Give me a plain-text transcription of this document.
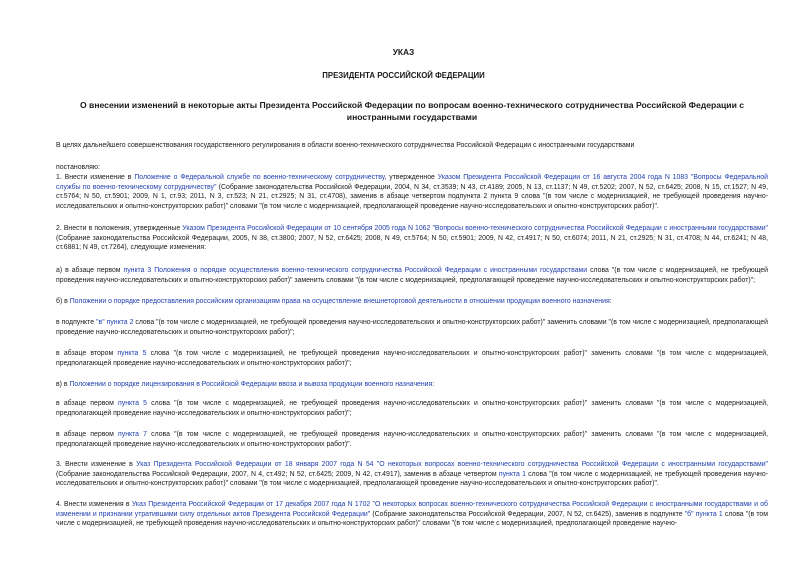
УКАЗ
ПРЕЗИДЕНТА РОССИЙСКОЙ ФЕДЕРАЦИИ
О внесении изменений в некоторые акты Президента Российской Федерации по вопросам военно-технического сотрудничества Российской Федерации с
иностранными государствами

В целях дальнейшего совершенствования государственного регулирования в области военно-технического сотрудничества Российской Федерации с иностранными государствами

постановляю:

1. Внести изменение в Положение о Федеральной службе по военно-техническому сотрудничеству, утвержденное Указом Президента Российской Федерации от 16 августа 2004 года N 1083 "Вопросы Федеральной службы по военно-техническому сотрудничеству" (Собрание законодательства Российской Федерации, 2004, N 34, ст.3539; N 43, ст.4189; 2005, N 13, ст.1137; N 49, ст.5202; 2007, N 52, ст.6425; 2008, N 15, ст.1527; N 49, ст.5764; N 50, ст.5901; 2009, N 1, ст.93; 2011, N 3, ст.523; N 21, ст.2925; N 31, ст.4708), заменив в абзаце четвертом подпункта 2 пункта 9 слова "(в том числе с модернизацией, не требующей проведения научно-исследовательских и опытно-конструкторских работ)" словами "(в том числе с модернизацией, предполагающей проведение научно-исследовательских и опытно-конструкторских работ)".

2. Внести в положения, утвержденные Указом Президента Российской Федерации от 10 сентября 2005 года N 1062 "Вопросы военно-технического сотрудничества Российской Федерации с иностранными государствами" (Собрание законодательства Российской Федерации, 2005, N 38, ст.3800; 2007, N 52, ст.6425; 2008, N 49, ст.5764; N 50, ст.5901; 2009, N 42, ст.4917; N 50, ст.6074; 2011, N 21, ст.2925; N 31, ст.4708; N 44, ст.6241; N 48, ст.6881; N 49, ст.7264), следующие изменения:

а) в абзаце первом пункта 3 Положения о порядке осуществления военно-технического сотрудничества Российской Федерации с иностранными государствами слова "(в том числе с модернизацией, не требующей проведения научно-исследовательских и опытно-конструкторских работ)" заменить словами "(в том числе с модернизацией, предполагающей проведение научно-исследовательских и опытно-конструкторских работ)";

б) в Положении о порядке предоставления российским организациям права на осуществление внешнеторговой деятельности в отношении продукции военного назначения:

в подпункте "в" пункта 2 слова "(в том числе с модернизацией, не требующей проведения научно-исследовательских и опытно-конструкторских работ)" заменить словами "(в том числе с модернизацией, предполагающей проведение научно-исследовательских и опытно-конструкторских работ)";

в абзаце втором пункта 5 слова "(в том числе с модернизацией, не требующей проведения научно-исследовательских и опытно-конструкторских работ)" заменить словами "(в том числе с модернизацией, предполагающей проведение научно-исследовательских и опытно-конструкторских работ)";

в) в Положении о порядке лицензирования в Российской Федерации ввоза и вывоза продукции военного назначения:

в абзаце первом пункта 5 слова "(в том числе с модернизацией, не требующей проведения научно-исследовательских и опытно-конструкторских работ)" заменить словами "(в том числе с модернизацией, предполагающей проведение научно-исследовательских и опытно-конструкторских работ)";

в абзаце первом пункта 7 слова "(в том числе с модернизацией, не требующей проведения научно-исследовательских и опытно-конструкторских работ)" заменить словами "(в том числе с модернизацией, предполагающей проведение научно-исследовательских и опытно-конструкторских работ)".

3. Внести изменение в Указ Президента Российской Федерации от 18 января 2007 года N 54 "О некоторых вопросах военно-технического сотрудничества Российской Федерации с иностранными государствами" (Собрание законодательства Российской Федерации, 2007, N 4, ст.492; N 52, ст.6425; 2009, N 42, ст.4917), заменив в абзаце четвертом пункта 1 слова "(в том числе с модернизацией, не требующей проведения научно-исследовательских и опытно-конструкторских работ)" словами "(в том числе с модернизацией, предполагающей проведение научно-исследовательских и опытно-конструкторских работ)".

4. Внести изменения в Указ Президента Российской Федерации от 17 декабря 2007 года N 1702 "О некоторых вопросах военно-технического сотрудничества Российской Федерации с иностранными государствами и об изменении и признании утратившими силу отдельных актов Президента Российской Федерации" (Собрание законодательства Российской Федерации, 2007, N 52, ст.6425), заменив в подпункте "б" пункта 1 слова "(в том числе с модернизацией, не требующей проведения научно-исследовательских и опытно-конструкторских работ)" словами "(в том числе с модернизацией, предполагающей проведение научно-
